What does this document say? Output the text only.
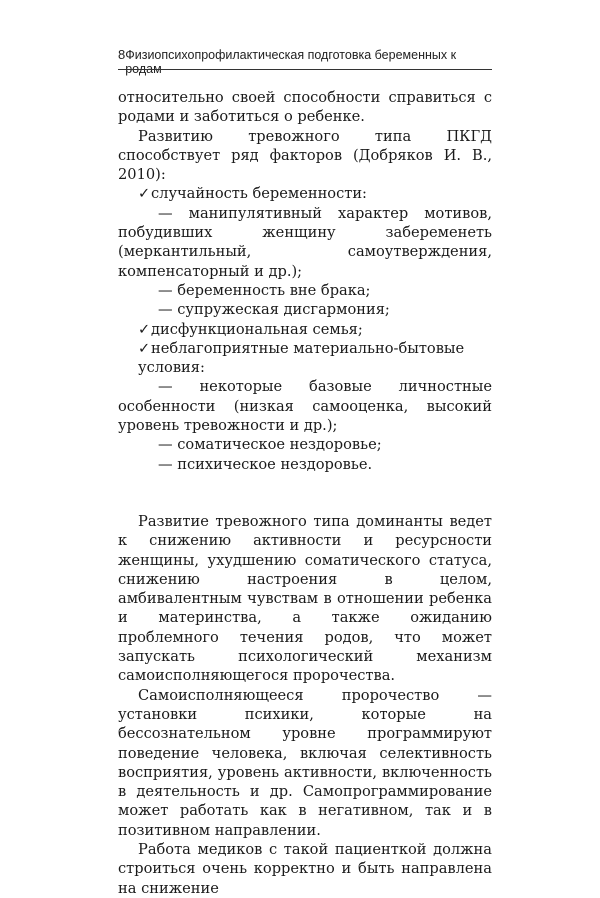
8 Физиопсихопрофилактическая подготовка беременных к родам

относительно своей способности справиться с родами и заботиться о ребенке.

Развитию тревожного типа ПКГД способствует ряд факторов (Добряков И. В., 2010):

✓случайность беременности:

— манипулятивный характер мотивов, побудивших женщину забеременеть (меркантильный, самоутверждения, компенсаторный и др.);

— беременность вне брака;

— супружеская дисгармония;

✓дисфункциональная семья;

✓неблагоприятные материально-бытовые условия:

— некоторые базовые личностные особенности (низкая самооценка, высокий уровень тревожности и др.);

— соматическое нездоровье;

— психическое нездоровье.

Развитие тревожного типа доминанты ведет к снижению активности и ресурсности женщины, ухудшению соматического статуса, снижению настроения в целом, амбивалентным чувствам в отношении ребенка и материнства, а также ожиданию проблемного течения родов, что может запускать психологический механизм самоисполняющегося пророчества.

Самоисполняющееся пророчество — установки психики, которые на бессознательном уровне программируют поведение человека, включая селективность восприятия, уровень активности, включенность в деятельность и др. Самопрограммирование может работать как в негативном, так и в позитивном направлении.

Работа медиков с такой пациенткой должна строиться очень корректно и быть направлена на снижение
